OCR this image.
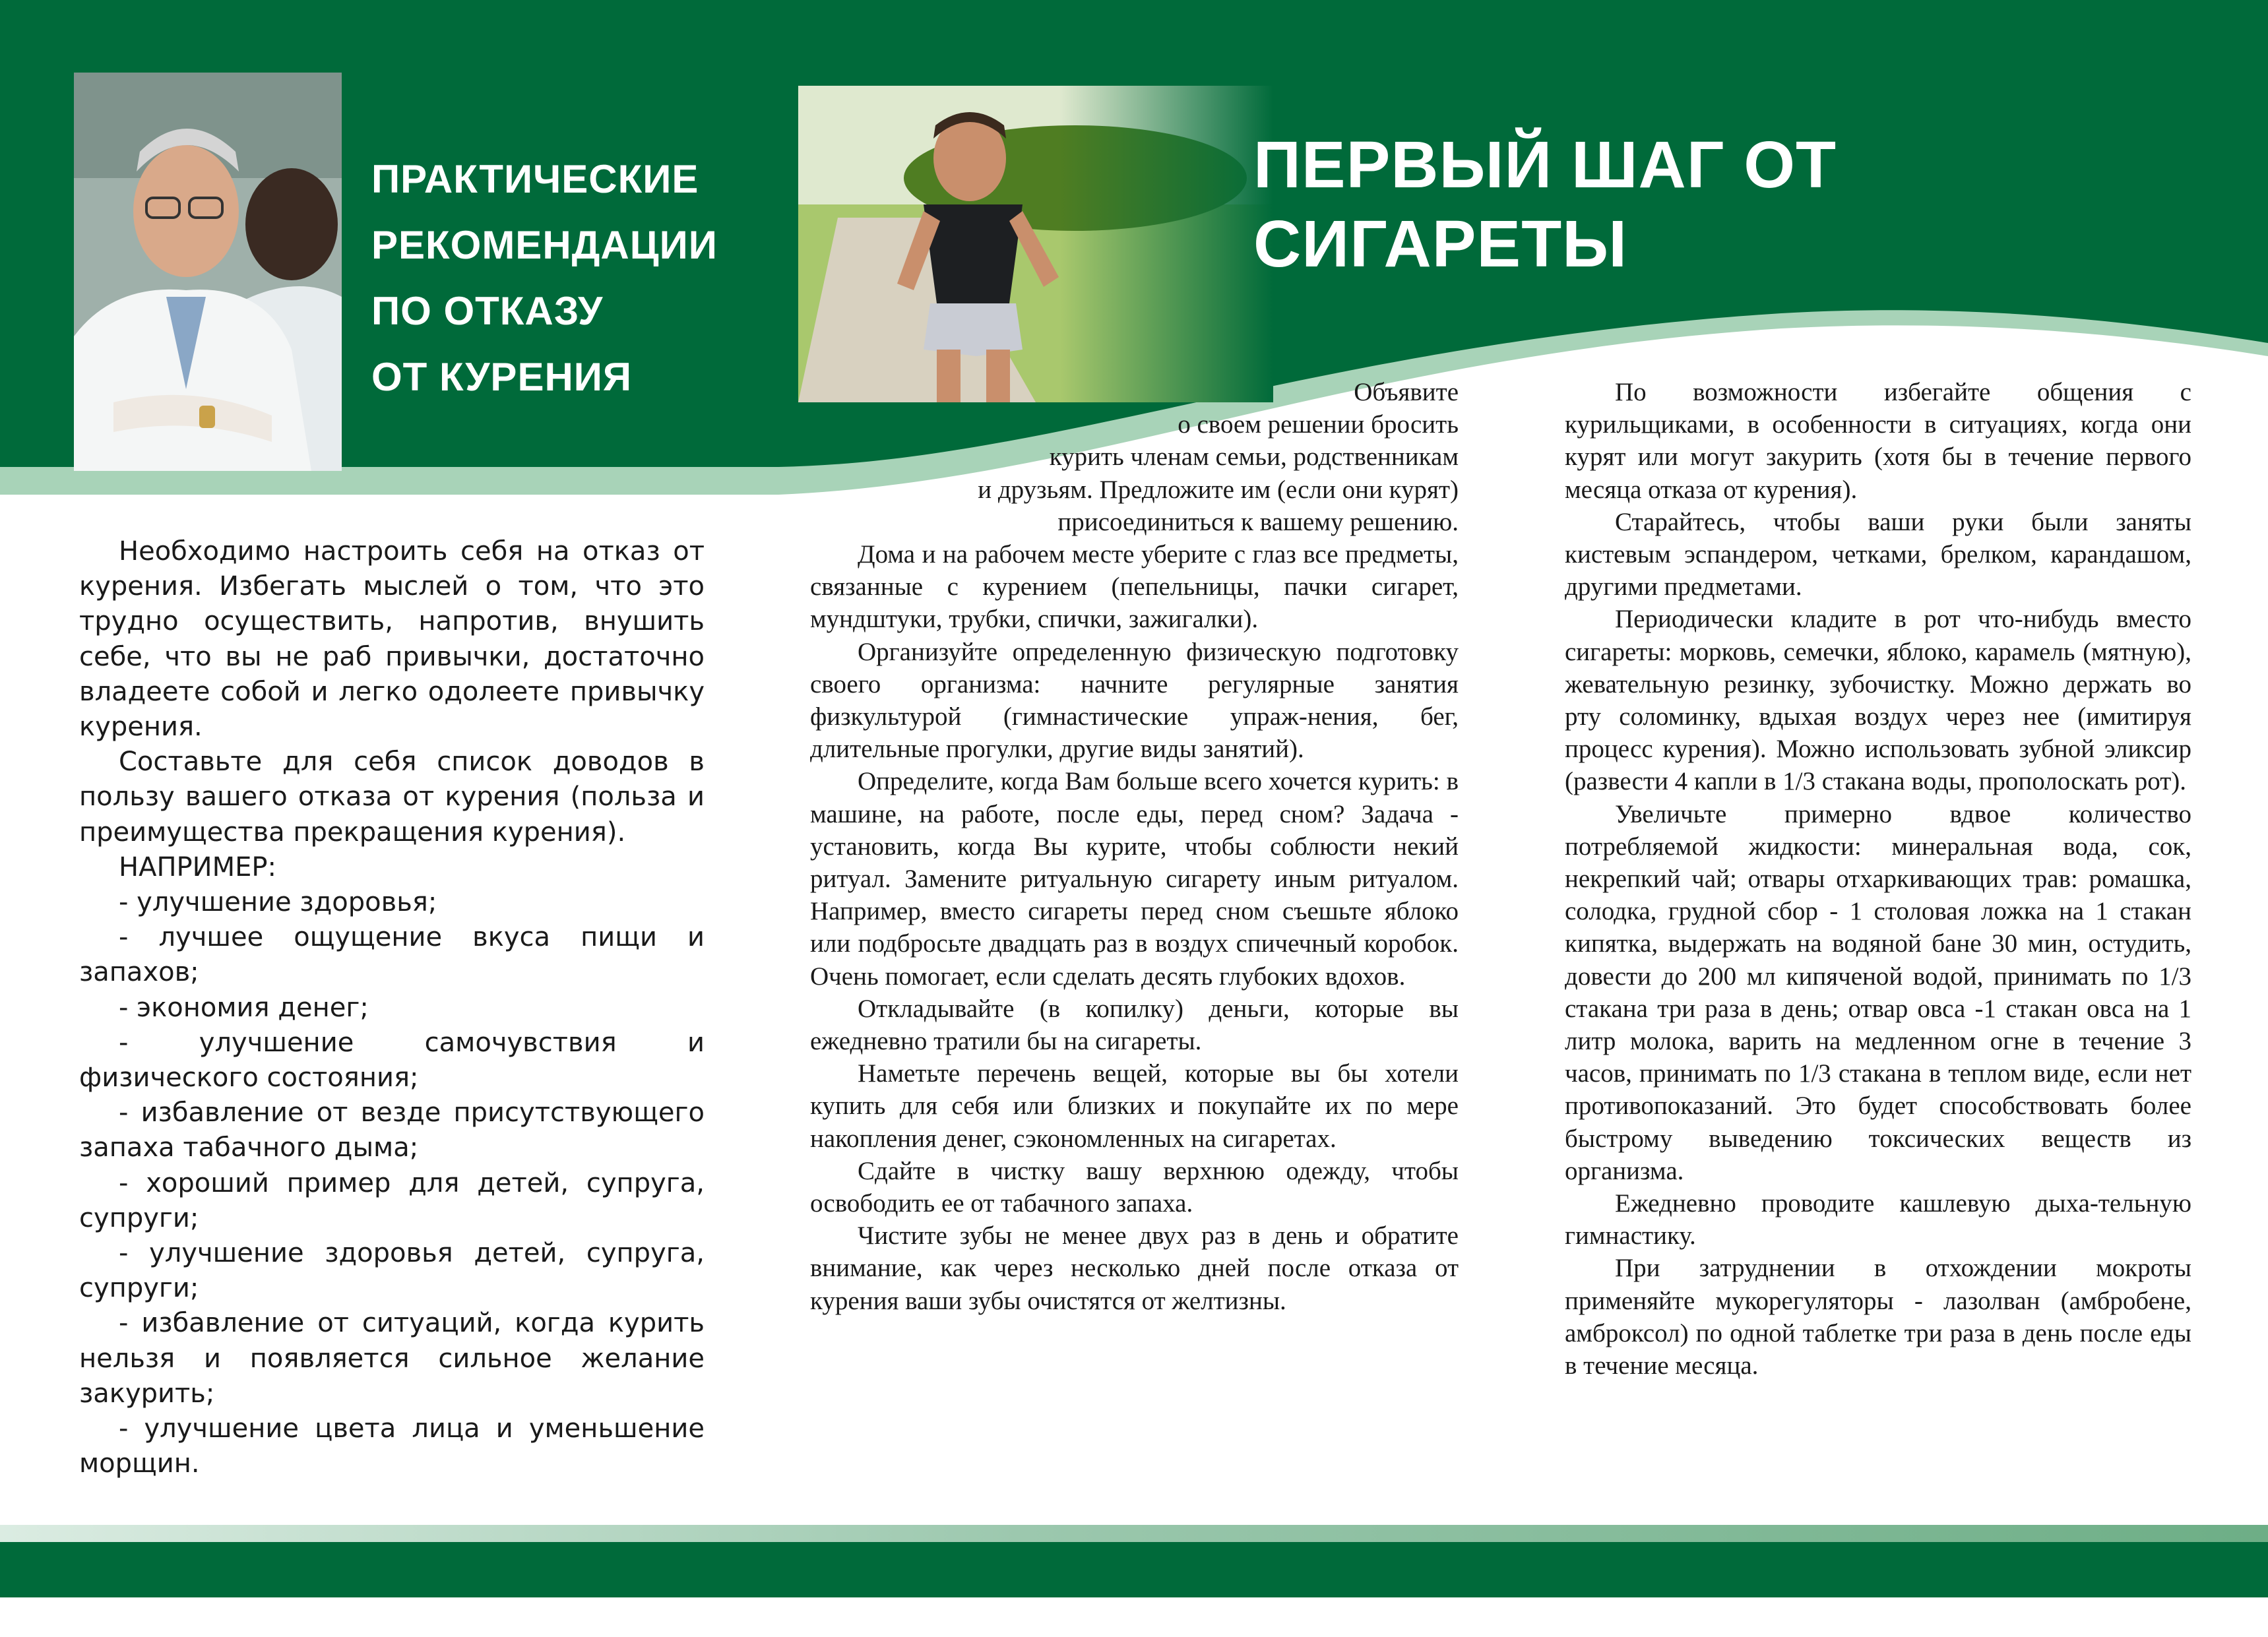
ПРАКТИЧЕСКИЕ
РЕКОМЕНДАЦИИ
ПО ОТКАЗУ
ОТ КУРЕНИЯ
ПЕРВЫЙ ШАГ ОТ СИГАРЕТЫ

Необходимо настроить себя на отказ от курения. Избегать мыслей о том, что это трудно осуществить, напротив, внушить себе, что вы не раб привычки, достаточно владеете собой и легко одолеете привычку курения.

Составьте для себя список доводов в пользу вашего отказа от курения (польза и преимущества прекращения курения).

НАПРИМЕР:
- улучшение здоровья;
- лучшее ощущение вкуса пищи и запахов;
- экономия денег;
- улучшение самочувствия и физического состояния;
- избавление от везде присутствующего запаха табачного дыма;
- хороший пример для детей, супруга, супруги;
- улучшение здоровья детей, супруга, супруги;
- избавление от ситуаций, когда курить нельзя и появляется сильное желание закурить;
- улучшение цвета лица и уменьшение морщин.
Объявите
о своем решении бросить
курить членам семьи, родственникам
и друзьям. Предложите им (если они курят)
присоединиться к вашему решению.

Дома и на рабочем месте уберите с глаз все предметы, связанные с курением (пепельницы, пачки сигарет, мундштуки, трубки, спички, зажигалки).

Организуйте определенную физическую подготовку своего организма: начните регулярные занятия физкультурой (гимнастические упраж-нения, бег, длительные прогулки, другие виды занятий).

Определите, когда Вам больше всего хочется курить: в машине, на работе, после еды, перед сном? Задача - установить, когда Вы курите, чтобы соблюсти некий ритуал. Замените ритуальную сигарету иным ритуалом. Например, вместо сигареты перед сном съешьте яблоко или подбросьте двадцать раз в воздух спичечный коробок. Очень помогает, если сделать десять глубоких вдохов.

Откладывайте (в копилку) деньги, которые вы ежедневно тратили бы на сигареты.

Наметьте перечень вещей, которые вы бы хотели купить для себя или близких и покупайте их по мере накопления денег, сэкономленных на сигаретах.

Сдайте в чистку вашу верхнюю одежду, чтобы освободить ее от табачного запаха.

Чистите зубы не менее двух раз в день и обратите внимание, как через несколько дней после отказа от курения ваши зубы очистятся от желтизны.

По возможности избегайте общения с курильщиками, в особенности в ситуациях, когда они курят или могут закурить (хотя бы в течение первого месяца отказа от курения).

Старайтесь, чтобы ваши руки были заняты кистевым эспандером, четками, брелком, карандашом, другими предметами.

Периодически кладите в рот что-нибудь вместо сигареты: морковь, семечки, яблоко, карамель (мятную), жевательную резинку, зубочистку. Можно держать во рту соломинку, вдыхая воздух через нее (имитируя процесс курения). Можно использовать зубной эликсир (развести 4 капли в 1/3 стакана воды, прополоскать рот).

Увеличьте примерно вдвое количество потребляемой жидкости: минеральная вода, сок, некрепкий чай; отвары отхаркивающих трав: ромашка, солодка, грудной сбор - 1 столовая ложка на 1 стакан кипятка, выдержать на водяной бане 30 мин, остудить, довести до 200 мл кипяченой водой, принимать по 1/3 стакана три раза в день; отвар овса -1 стакан овса на 1 литр молока, варить на медленном огне в течение 3 часов, принимать по 1/3 стакана в теплом виде, если нет противопоказаний. Это будет способствовать более быстрому выведению токсических веществ из организма.

Ежедневно проводите кашлевую дыха-тельную гимнастику.

При затруднении в отхождении мокроты применяйте мукорегуляторы - лазолван (амбробене, амброксол) по одной таблетке три раза в день после еды в течение месяца.
